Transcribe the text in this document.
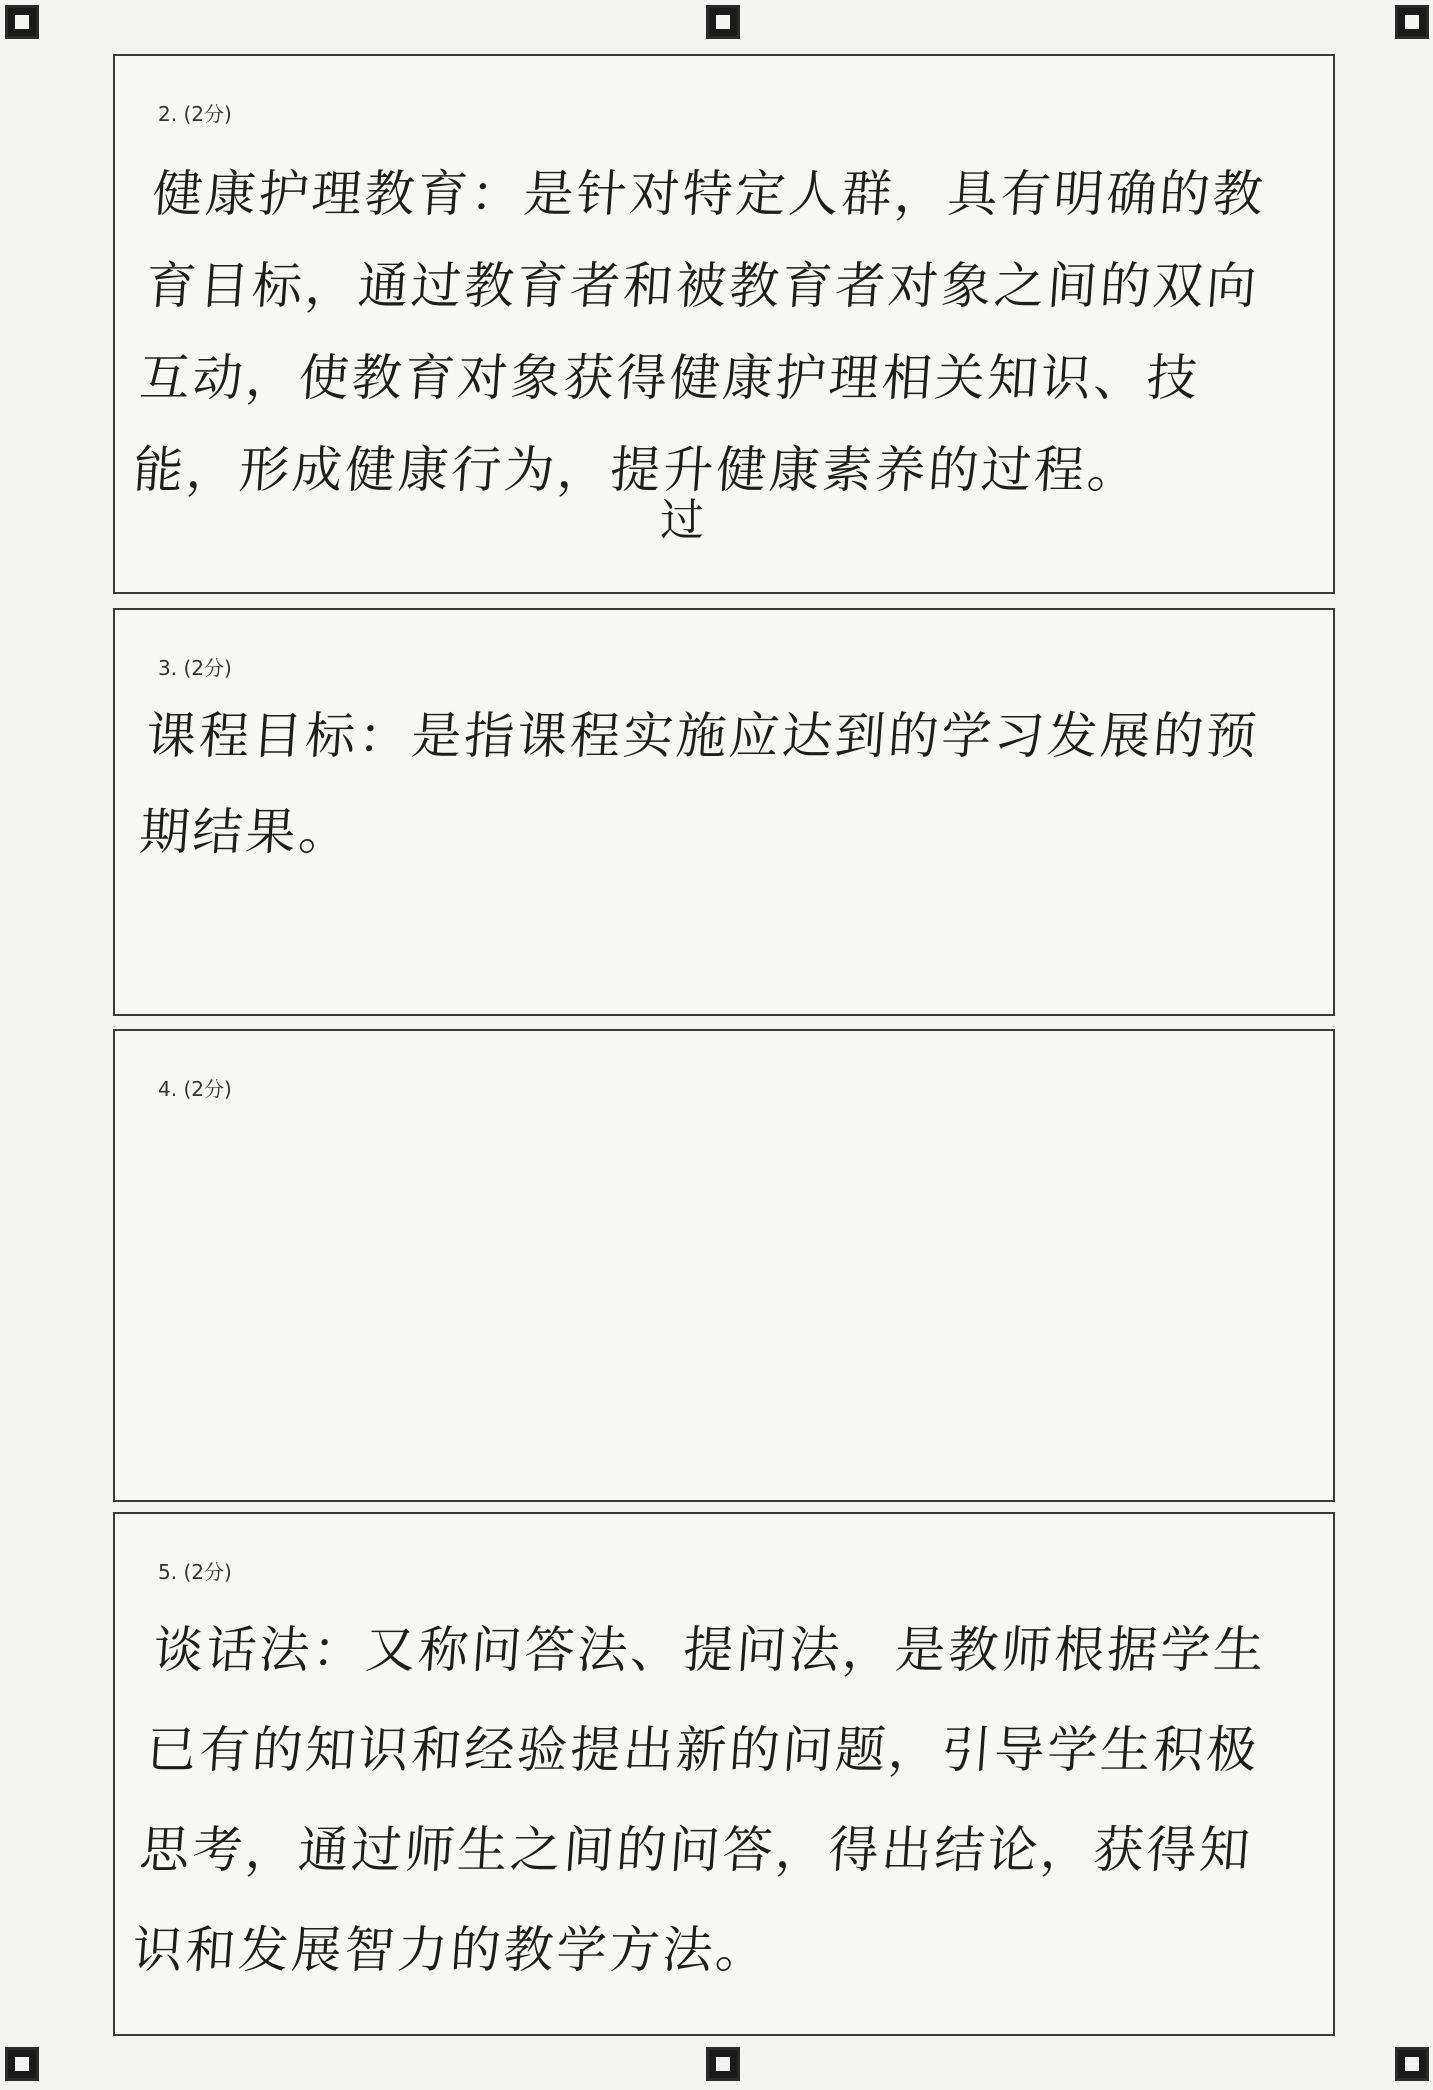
2. (2分)
健康护理教育：是针对特定人群，具有明确的教育目标，通过教育者和被教育者对象之间的双向互动，使教育对象获得健康护理相关知识、技能，形成健康行为，提升健康素养的过程。
过
3. (2分)
课程目标：是指课程实施应达到的学习发展的预期结果。
4. (2分)
5. (2分)
谈话法：又称问答法、提问法，是教师根据学生已有的知识和经验提出新的问题，引导学生积极思考，通过师生之间的问答，得出结论，获得知识和发展智力的教学方法。
